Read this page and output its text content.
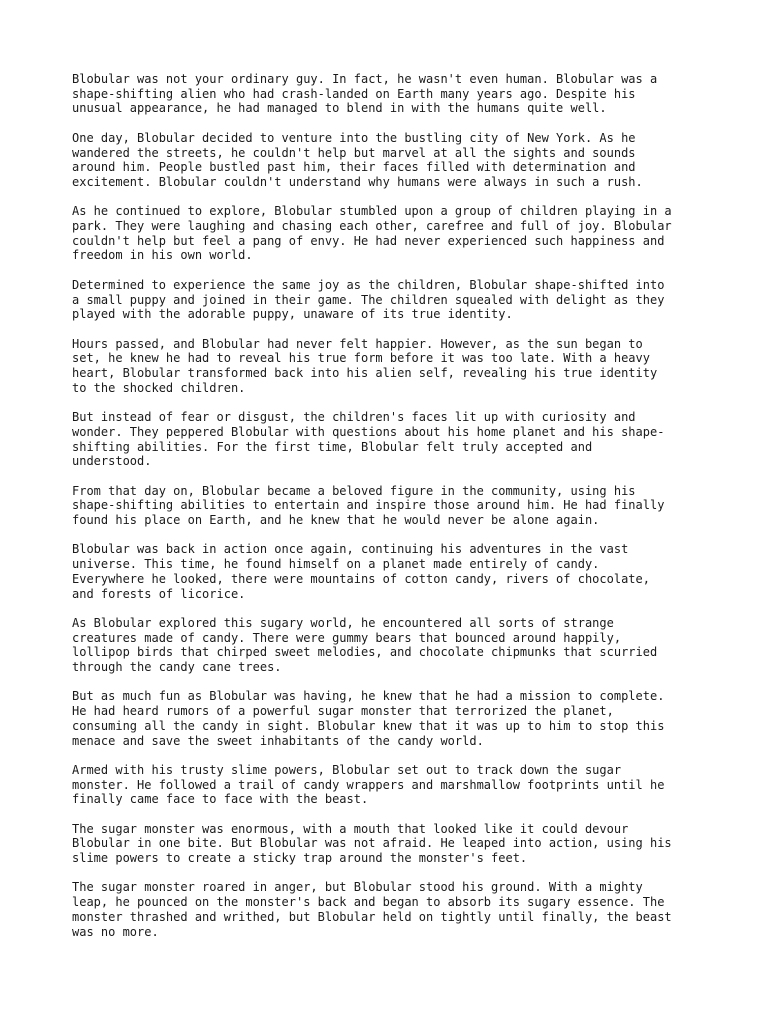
Blobular was not your ordinary guy. In fact, he wasn't even human. Blobular was a
shape-shifting alien who had crash-landed on Earth many years ago. Despite his
unusual appearance, he had managed to blend in with the humans quite well.

One day, Blobular decided to venture into the bustling city of New York. As he
wandered the streets, he couldn't help but marvel at all the sights and sounds
around him. People bustled past him, their faces filled with determination and
excitement. Blobular couldn't understand why humans were always in such a rush.

As he continued to explore, Blobular stumbled upon a group of children playing in a
park. They were laughing and chasing each other, carefree and full of joy. Blobular
couldn't help but feel a pang of envy. He had never experienced such happiness and
freedom in his own world.

Determined to experience the same joy as the children, Blobular shape-shifted into
a small puppy and joined in their game. The children squealed with delight as they
played with the adorable puppy, unaware of its true identity.

Hours passed, and Blobular had never felt happier. However, as the sun began to
set, he knew he had to reveal his true form before it was too late. With a heavy
heart, Blobular transformed back into his alien self, revealing his true identity
to the shocked children.

But instead of fear or disgust, the children's faces lit up with curiosity and
wonder. They peppered Blobular with questions about his home planet and his shape-
shifting abilities. For the first time, Blobular felt truly accepted and
understood.

From that day on, Blobular became a beloved figure in the community, using his
shape-shifting abilities to entertain and inspire those around him. He had finally
found his place on Earth, and he knew that he would never be alone again.

Blobular was back in action once again, continuing his adventures in the vast
universe. This time, he found himself on a planet made entirely of candy.
Everywhere he looked, there were mountains of cotton candy, rivers of chocolate,
and forests of licorice.

As Blobular explored this sugary world, he encountered all sorts of strange
creatures made of candy. There were gummy bears that bounced around happily,
lollipop birds that chirped sweet melodies, and chocolate chipmunks that scurried
through the candy cane trees.

But as much fun as Blobular was having, he knew that he had a mission to complete.
He had heard rumors of a powerful sugar monster that terrorized the planet,
consuming all the candy in sight. Blobular knew that it was up to him to stop this
menace and save the sweet inhabitants of the candy world.

Armed with his trusty slime powers, Blobular set out to track down the sugar
monster. He followed a trail of candy wrappers and marshmallow footprints until he
finally came face to face with the beast.

The sugar monster was enormous, with a mouth that looked like it could devour
Blobular in one bite. But Blobular was not afraid. He leaped into action, using his
slime powers to create a sticky trap around the monster's feet.

The sugar monster roared in anger, but Blobular stood his ground. With a mighty
leap, he pounced on the monster's back and began to absorb its sugary essence. The
monster thrashed and writhed, but Blobular held on tightly until finally, the beast
was no more.
